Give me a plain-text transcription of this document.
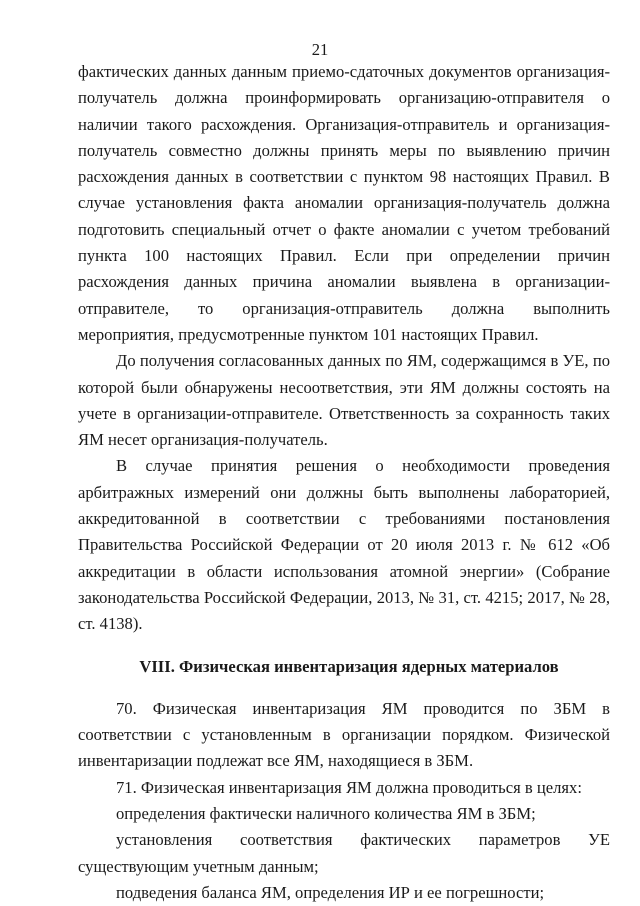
21

фактических данных данным приемо-сдаточных документов организация-получатель должна проинформировать организацию-отправителя о наличии такого расхождения. Организация-отправитель и организация-получатель совместно должны принять меры по выявлению причин расхождения данных в соответствии с пунктом 98 настоящих Правил. В случае установления факта аномалии организация-получатель должна подготовить специальный отчет о факте аномалии с учетом требований пункта 100 настоящих Правил. Если при определении причин расхождения данных причина аномалии выявлена в организации-отправителе, то организация-отправитель должна выполнить мероприятия, предусмотренные пунктом 101 настоящих Правил.

До получения согласованных данных по ЯМ, содержащимся в УЕ, по которой были обнаружены несоответствия, эти ЯМ должны состоять на учете в организации-отправителе. Ответственность за сохранность таких ЯМ несет организация-получатель.

В случае принятия решения о необходимости проведения арбитражных измерений они должны быть выполнены лабораторией, аккредитованной в соответствии с требованиями постановления Правительства Российской Федерации от 20 июля 2013 г. № 612 «Об аккредитации в области использования атомной энергии» (Собрание законодательства Российской Федерации, 2013, № 31, ст. 4215; 2017, № 28, ст. 4138).

VIII. Физическая инвентаризация ядерных материалов

70. Физическая инвентаризация ЯМ проводится по ЗБМ в соответствии с установленным в организации порядком. Физической инвентаризации подлежат все ЯМ, находящиеся в ЗБМ.

71. Физическая инвентаризация ЯМ должна проводиться в целях:

определения фактически наличного количества ЯМ в ЗБМ;

установления соответствия фактических параметров УЕ существующим учетным данным;

подведения баланса ЯМ, определения ИР и ее погрешности;
